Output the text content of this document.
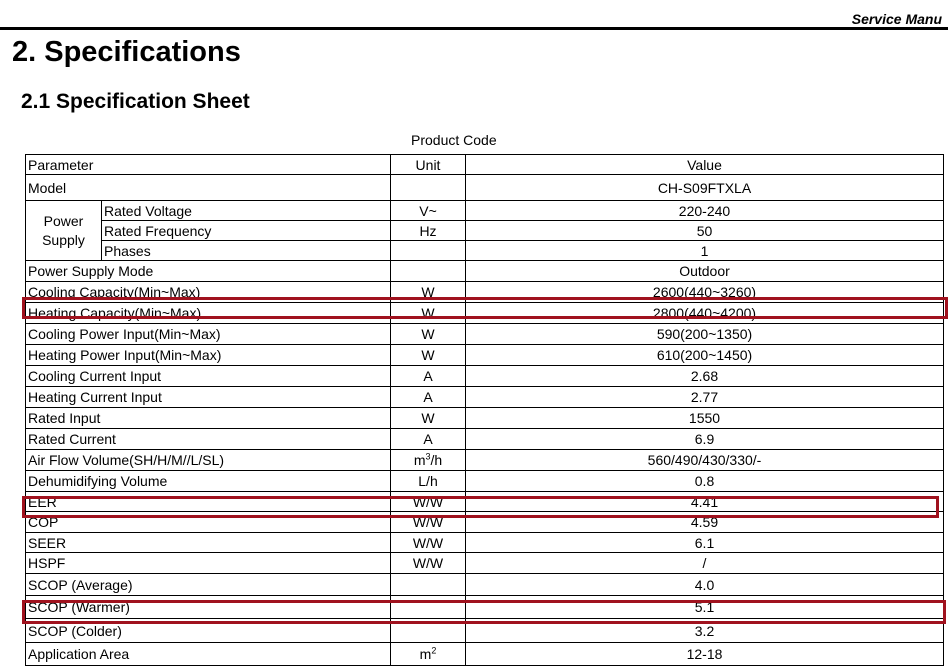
Service Manu
2. Specifications
2.1 Specification Sheet
Product Code
Parameter		Unit	Value
Model			CH-S09FTXLA
Power Supply	Rated Voltage	V~	220-240
	Rated Frequency	Hz	50
	Phases		1
Power Supply Mode			Outdoor
Cooling Capacity(Min~Max)		W	2600(440~3260)
Heating Capacity(Min~Max)		W	2800(440~4200)
Cooling Power Input(Min~Max)		W	590(200~1350)
Heating Power Input(Min~Max)		W	610(200~1450)
Cooling Current Input		A	2.68
Heating Current Input		A	2.77
Rated Input		W	1550
Rated Current		A	6.9
Air Flow Volume(SH/H/M//L/SL)		$m^3/h$	560/490/430/330/-
Dehumidifying Volume		L/h	0.8
EER		W/W	4.41
COP		W/W	4.59
SEER		W/W	6.1
HSPF		W/W	/
SCOP (Average)			4.0
SCOP (Warmer)			5.1
SCOP (Colder)			3.2
Application Area		$m^2$	12-18
